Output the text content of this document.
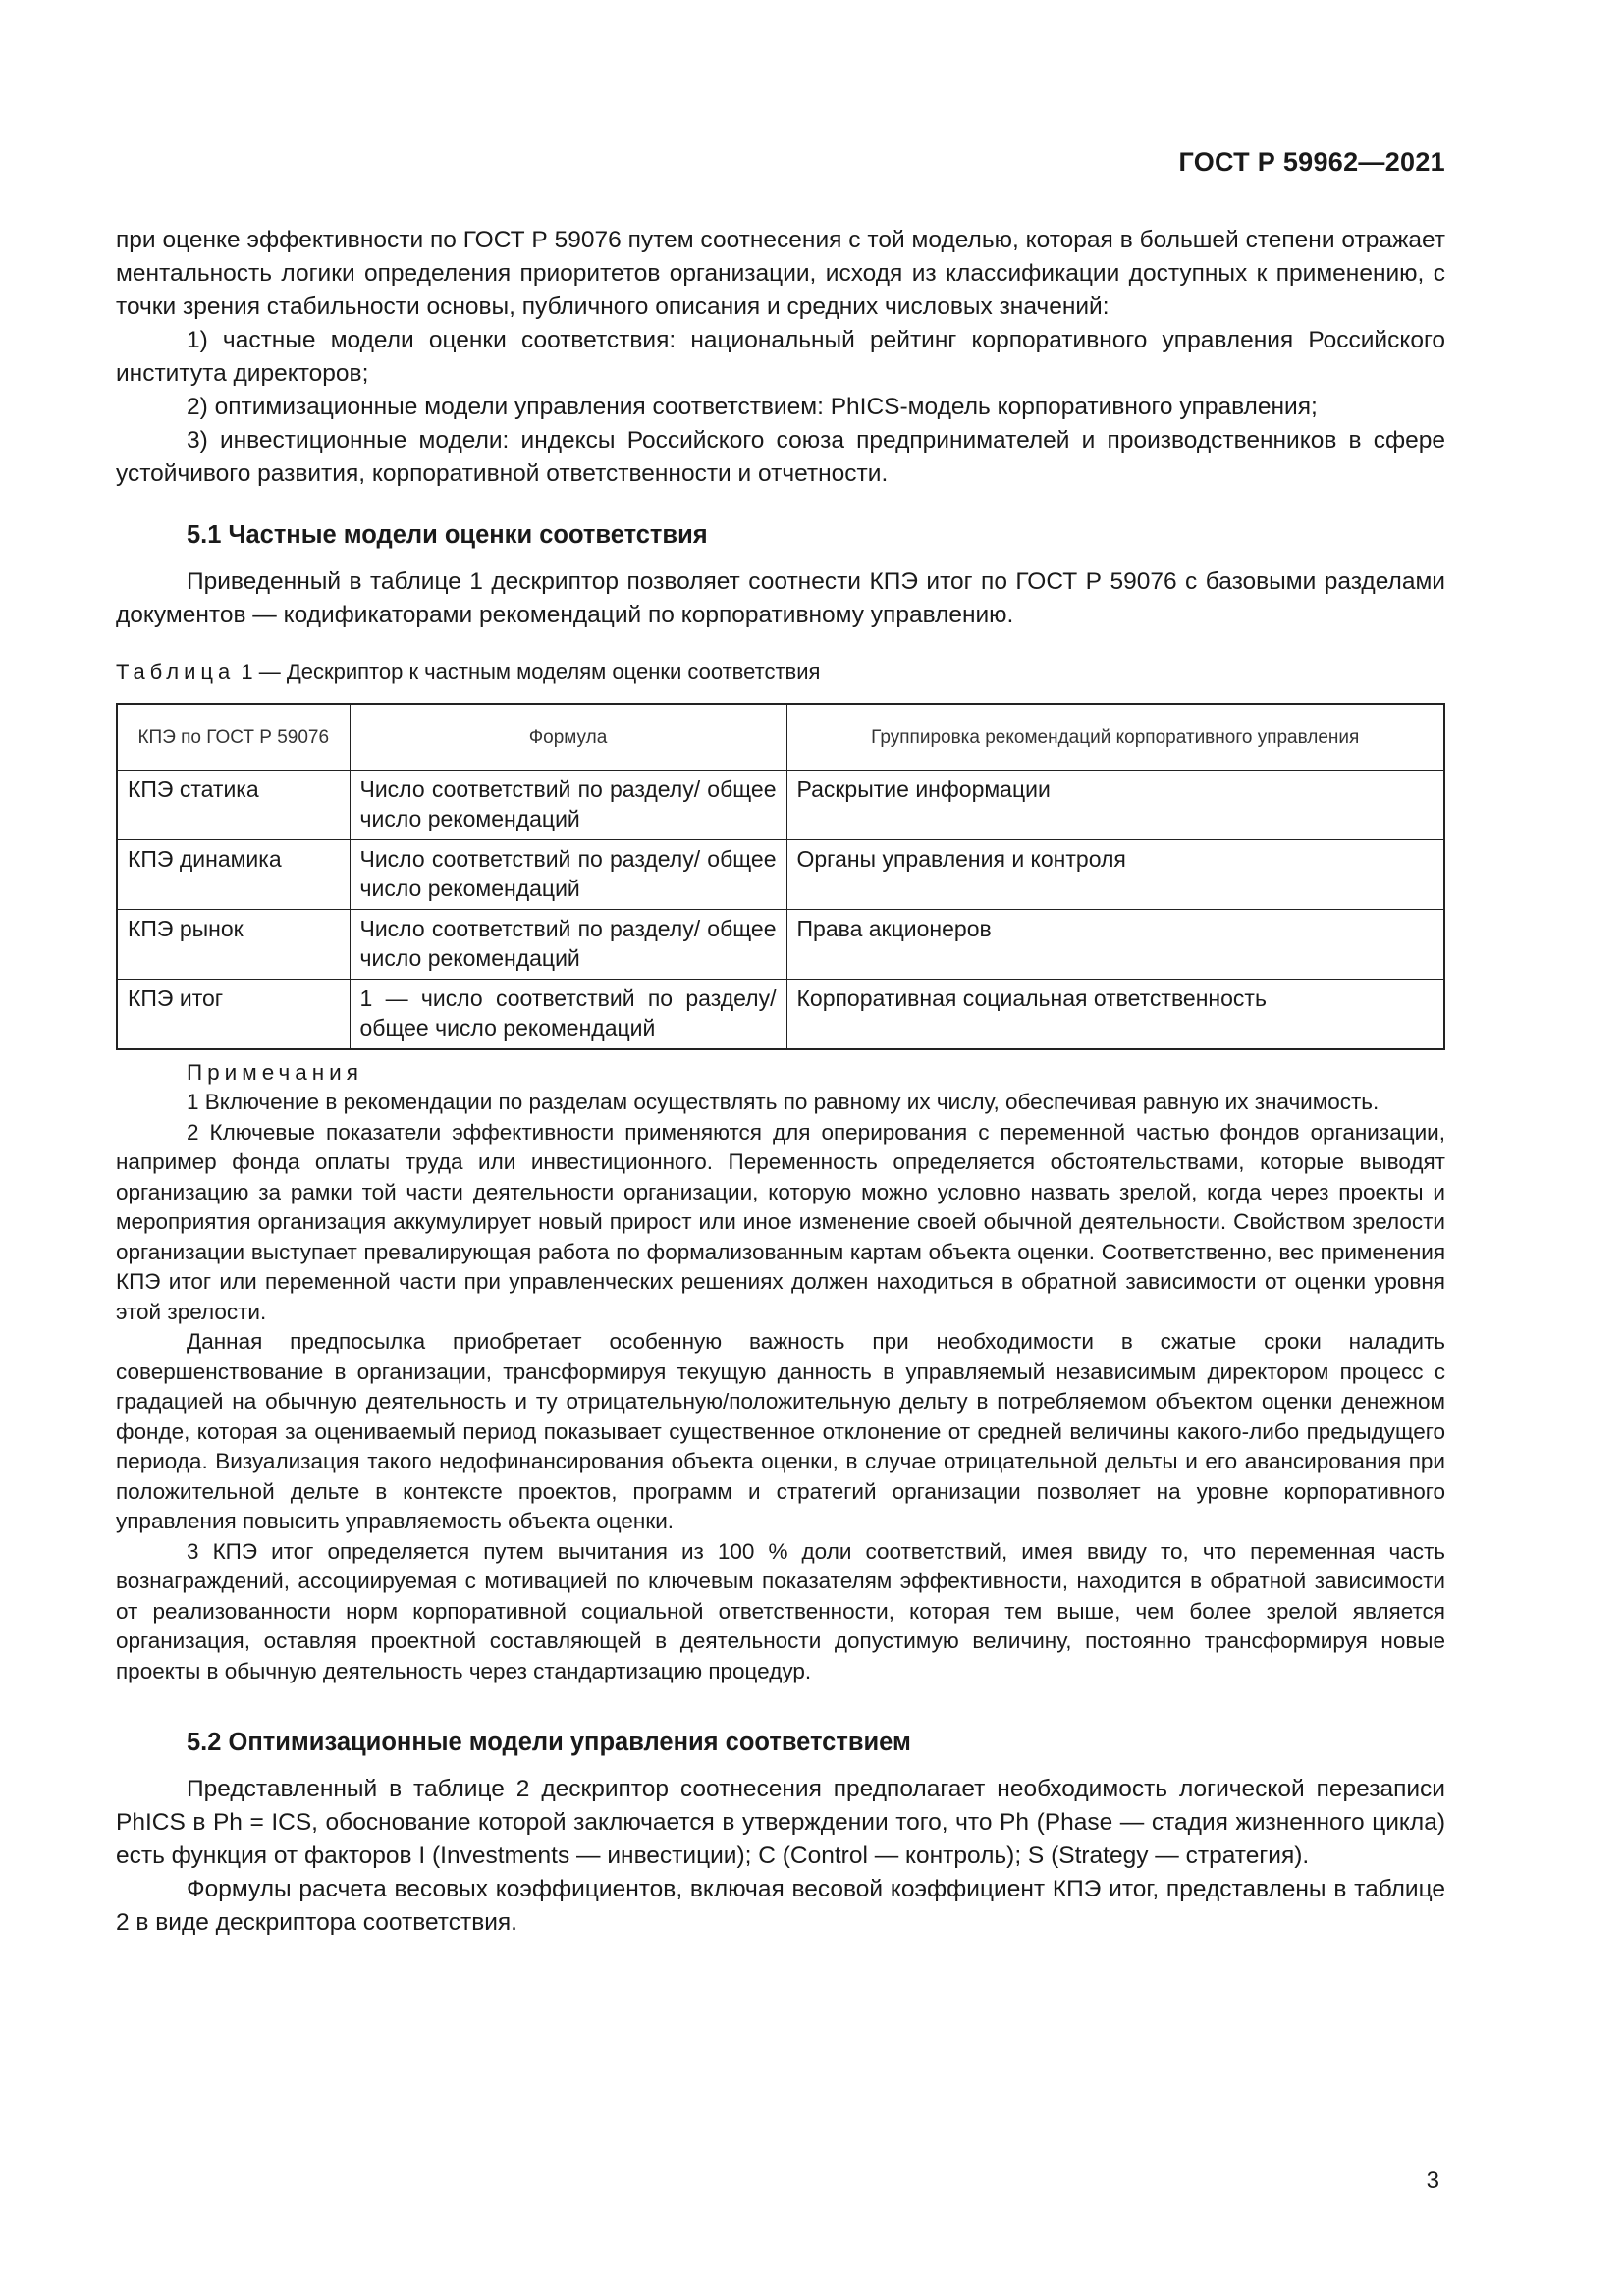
ГОСТ Р 59962—2021

при оценке эффективности по ГОСТ Р 59076 путем соотнесения с той моделью, которая в большей степени отражает ментальность логики определения приоритетов организации, исходя из классификации доступных к применению, с точки зрения стабильности основы, публичного описания и средних числовых значений:

1) частные модели оценки соответствия: национальный рейтинг корпоративного управления Российского института директоров;

2) оптимизационные модели управления соответствием: PhICS-модель корпоративного управления;

3) инвестиционные модели: индексы Российского союза предпринимателей и производственников в сфере устойчивого развития, корпоративной ответственности и отчетности.

5.1 Частные модели оценки соответствия

Приведенный в таблице 1 дескриптор позволяет соотнести КПЭ итог по ГОСТ Р 59076 с базовыми разделами документов — кодификаторами рекомендаций по корпоративному управлению.

Таблица 1 — Дескриптор к частным моделям оценки соответствия
КПЭ по ГОСТ Р 59076	Формула	Группировка рекомендаций корпоративного управления
КПЭ статика	Число соответствий по разделу/ общее число рекомендаций	Раскрытие информации
КПЭ динамика	Число соответствий по разделу/ общее число рекомендаций	Органы управления и контроля
КПЭ рынок	Число соответствий по разделу/ общее число рекомендаций	Права акционеров
КПЭ итог	1 — число соответствий по разделу/ общее число рекомендаций	Корпоративная социальная ответственность

Примечания

1 Включение в рекомендации по разделам осуществлять по равному их числу, обеспечивая равную их значимость.

2 Ключевые показатели эффективности применяются для оперирования с переменной частью фондов организации, например фонда оплаты труда или инвестиционного. Переменность определяется обстоятельствами, которые выводят организацию за рамки той части деятельности организации, которую можно условно назвать зрелой, когда через проекты и мероприятия организация аккумулирует новый прирост или иное изменение своей обычной деятельности. Свойством зрелости организации выступает превалирующая работа по формализованным картам объекта оценки. Соответственно, вес применения КПЭ итог или переменной части при управленческих решениях должен находиться в обратной зависимости от оценки уровня этой зрелости.

Данная предпосылка приобретает особенную важность при необходимости в сжатые сроки наладить совершенствование в организации, трансформируя текущую данность в управляемый независимым директором процесс с градацией на обычную деятельность и ту отрицательную/положительную дельту в потребляемом объектом оценки денежном фонде, которая за оцениваемый период показывает существенное отклонение от средней величины какого-либо предыдущего периода. Визуализация такого недофинансирования объекта оценки, в случае отрицательной дельты и его авансирования при положительной дельте в контексте проектов, программ и стратегий организации позволяет на уровне корпоративного управления повысить управляемость объекта оценки.

3 КПЭ итог определяется путем вычитания из 100 % доли соответствий, имея ввиду то, что переменная часть вознаграждений, ассоциируемая с мотивацией по ключевым показателям эффективности, находится в обратной зависимости от реализованности норм корпоративной социальной ответственности, которая тем выше, чем более зрелой является организация, оставляя проектной составляющей в деятельности допустимую величину, постоянно трансформируя новые проекты в обычную деятельность через стандартизацию процедур.

5.2 Оптимизационные модели управления соответствием

Представленный в таблице 2 дескриптор соотнесения предполагает необходимость логической перезаписи PhICS в Ph = ICS, обоснование которой заключается в утверждении того, что Ph (Phase — стадия жизненного цикла) есть функция от факторов I (Investments — инвестиции); C (Control — контроль); S (Strategy — стратегия).

Формулы расчета весовых коэффициентов, включая весовой коэффициент КПЭ итог, представлены в таблице 2 в виде дескриптора соответствия.

3
